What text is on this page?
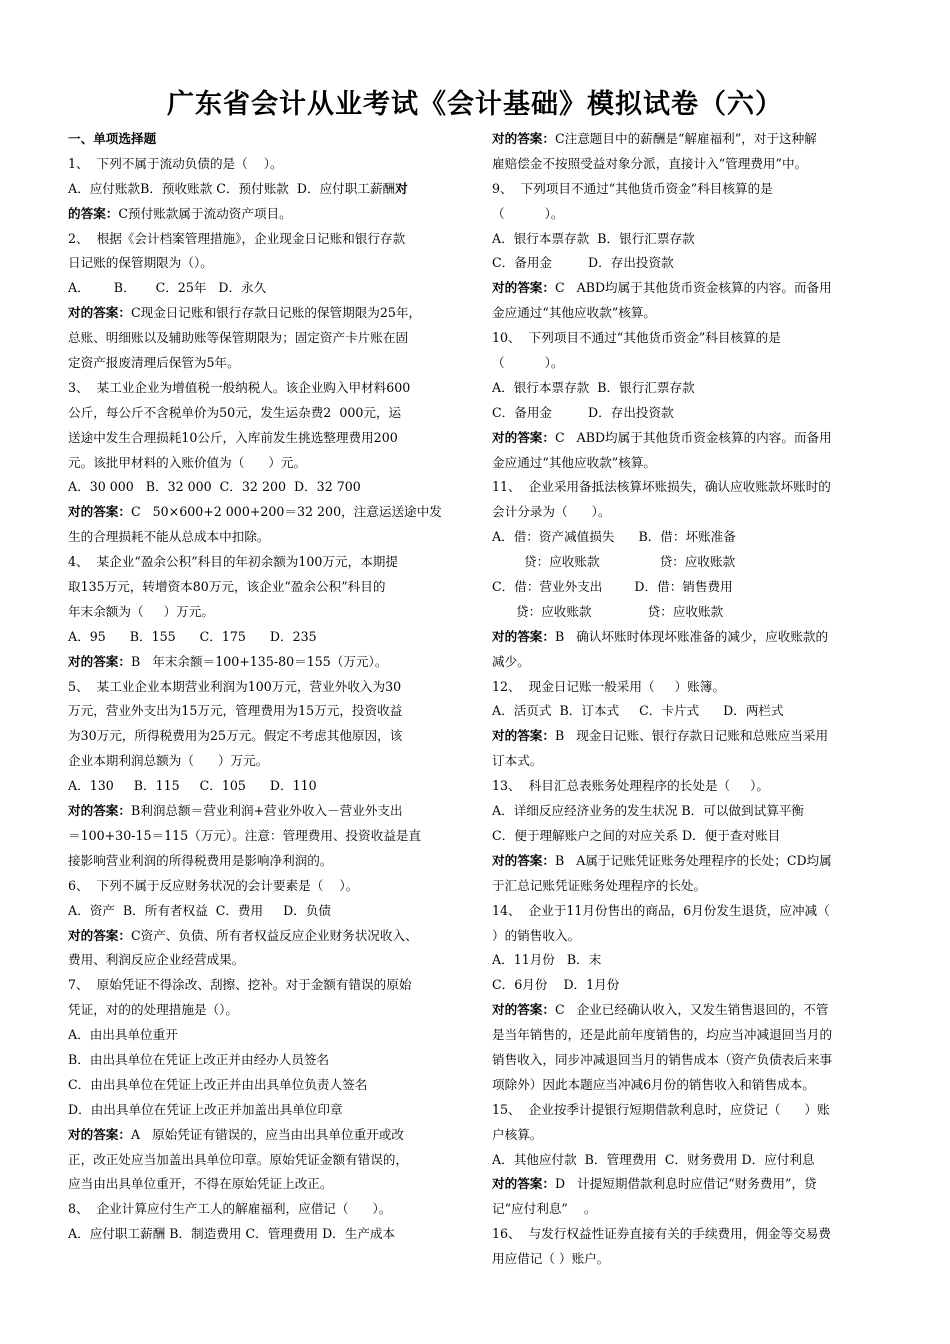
广东省会计从业考试《会计基础》模拟试卷（六）
一、单项选择题
1、  下列不属于流动负债的是（    ）。
A．应付账款B．预收账款 C．预付账款  D．应付职工薪酬对
的答案：C预付账款属于流动资产项目。
2、  根据《会计档案管理措施》，企业现金日记账和银行存款
日记账的保管期限为（）。
A．      B．     C．25年   D．永久
对的答案：C现金日记账和银行存款日记账的保管期限为25年，
总账、明细账以及辅助账等保管期限为；固定资产卡片账在固
定资产报废清理后保管为5年。
3、  某工业企业为增值税一般纳税人。该企业购入甲材料600
公斤，每公斤不含税单价为50元，发生运杂费2  000元，运
送途中发生合理损耗10公斤，入库前发生挑选整理费用200
元。该批甲材料的入账价值为（      ）元。
A．30 000   B．32 000  C．32 200  D．32 700
对的答案：C   50×600+2 000+200＝32 200，注意运送途中发
生的合理损耗不能从总成本中扣除。
4、  某企业“盈余公积”科目的年初余额为100万元，本期提
取135万元，转增资本80万元，该企业“盈余公积”科目的
年末余额为（     ）万元。
A．95      B．155      C．175      D．235
对的答案：B   年末余额＝100+135-80＝155（万元）。
5、  某工业企业本期营业利润为100万元，营业外收入为30
万元，营业外支出为15万元，管理费用为15万元，投资收益
为30万元，所得税费用为25万元。假定不考虑其他原因，该
企业本期利润总额为（      ）万元。
A．130     B．115     C．105      D．110
对的答案：B利润总额＝营业利润+营业外收入－营业外支出
＝100+30-15＝115（万元）。注意：管理费用、投资收益是直
接影响营业利润的所得税费用是影响净利润的。
6、  下列不属于反应财务状况的会计要素是（    ）。
A．资产  B．所有者权益  C．费用     D．负债
对的答案：C资产、负债、所有者权益反应企业财务状况收入、
费用、利润反应企业经营成果。
7、  原始凭证不得涂改、刮擦、挖补。对于金额有错误的原始
凭证，对的的处理措施是（）。
A．由出具单位重开
B．由出具单位在凭证上改正并由经办人员签名
C．由出具单位在凭证上改正并由出具单位负责人签名
D．由出具单位在凭证上改正并加盖出具单位印章
对的答案：A   原始凭证有错误的，应当由出具单位重开或改
正，改正处应当加盖出具单位印章。原始凭证金额有错误的，
应当由出具单位重开，不得在原始凭证上改正。
8、  企业计算应付生产工人的解雇福利，应借记（      ）。
A．应付职工薪酬 B．制造费用 C．管理费用 D．生产成本
对的答案：C注意题目中的薪酬是“解雇福利”，对于这种解
雇赔偿金不按照受益对象分派，直接计入“管理费用”中。
9、  下列项目不通过“其他货币资金”科目核算的是
（          ）。
A．银行本票存款  B．银行汇票存款
C．备用金         D．存出投资款
对的答案：C   ABD均属于其他货币资金核算的内容。而备用
金应通过“其他应收款”核算。
10、  下列项目不通过“其他货币资金”科目核算的是
（          ）。
A．银行本票存款  B．银行汇票存款
C．备用金         D．存出投资款
对的答案：C   ABD均属于其他货币资金核算的内容。而备用
金应通过“其他应收款”核算。
11、  企业采用备抵法核算坏账损失，确认应收账款坏账时的
会计分录为（      ）。
A．借：资产减值损失      B．借：坏账准备
贷：应收账款               贷：应收账款
C．借：营业外支出        D．借：销售费用
贷：应收账款              贷：应收账款
对的答案：B   确认坏账时体现坏账准备的减少，应收账款的
减少。
12、  现金日记账一般采用（     ）账簿。
A．活页式  B．订本式     C．卡片式      D．两栏式
对的答案：B   现金日记账、银行存款日记账和总账应当采用
订本式。
13、  科目汇总表账务处理程序的长处是（     ）。
A．详细反应经济业务的发生状况 B．可以做到试算平衡
C．便于理解账户之间的对应关系 D．便于查对账目
对的答案：B   A属于记账凭证账务处理程序的长处；CD均属
于汇总记账凭证账务处理程序的长处。
14、  企业于11月份售出的商品，6月份发生退货，应冲减（
）的销售收入。
A．11月份   B．末
C．6月份    D．1月份
对的答案：C   企业已经确认收入，又发生销售退回的，不管
是当年销售的，还是此前年度销售的，均应当冲减退回当月的
销售收入，同步冲减退回当月的销售成本（资产负债表后来事
项除外）因此本题应当冲减6月份的销售收入和销售成本。
15、  企业按季计提银行短期借款利息时，应贷记（      ）账
户核算。
A．其他应付款  B．管理费用  C．财务费用 D．应付利息
对的答案：D   计提短期借款利息时应借记“财务费用”，贷
记“应付利息”    。
16、  与发行权益性证券直接有关的手续费用，佣金等交易费
用应借记（ ）账户。
